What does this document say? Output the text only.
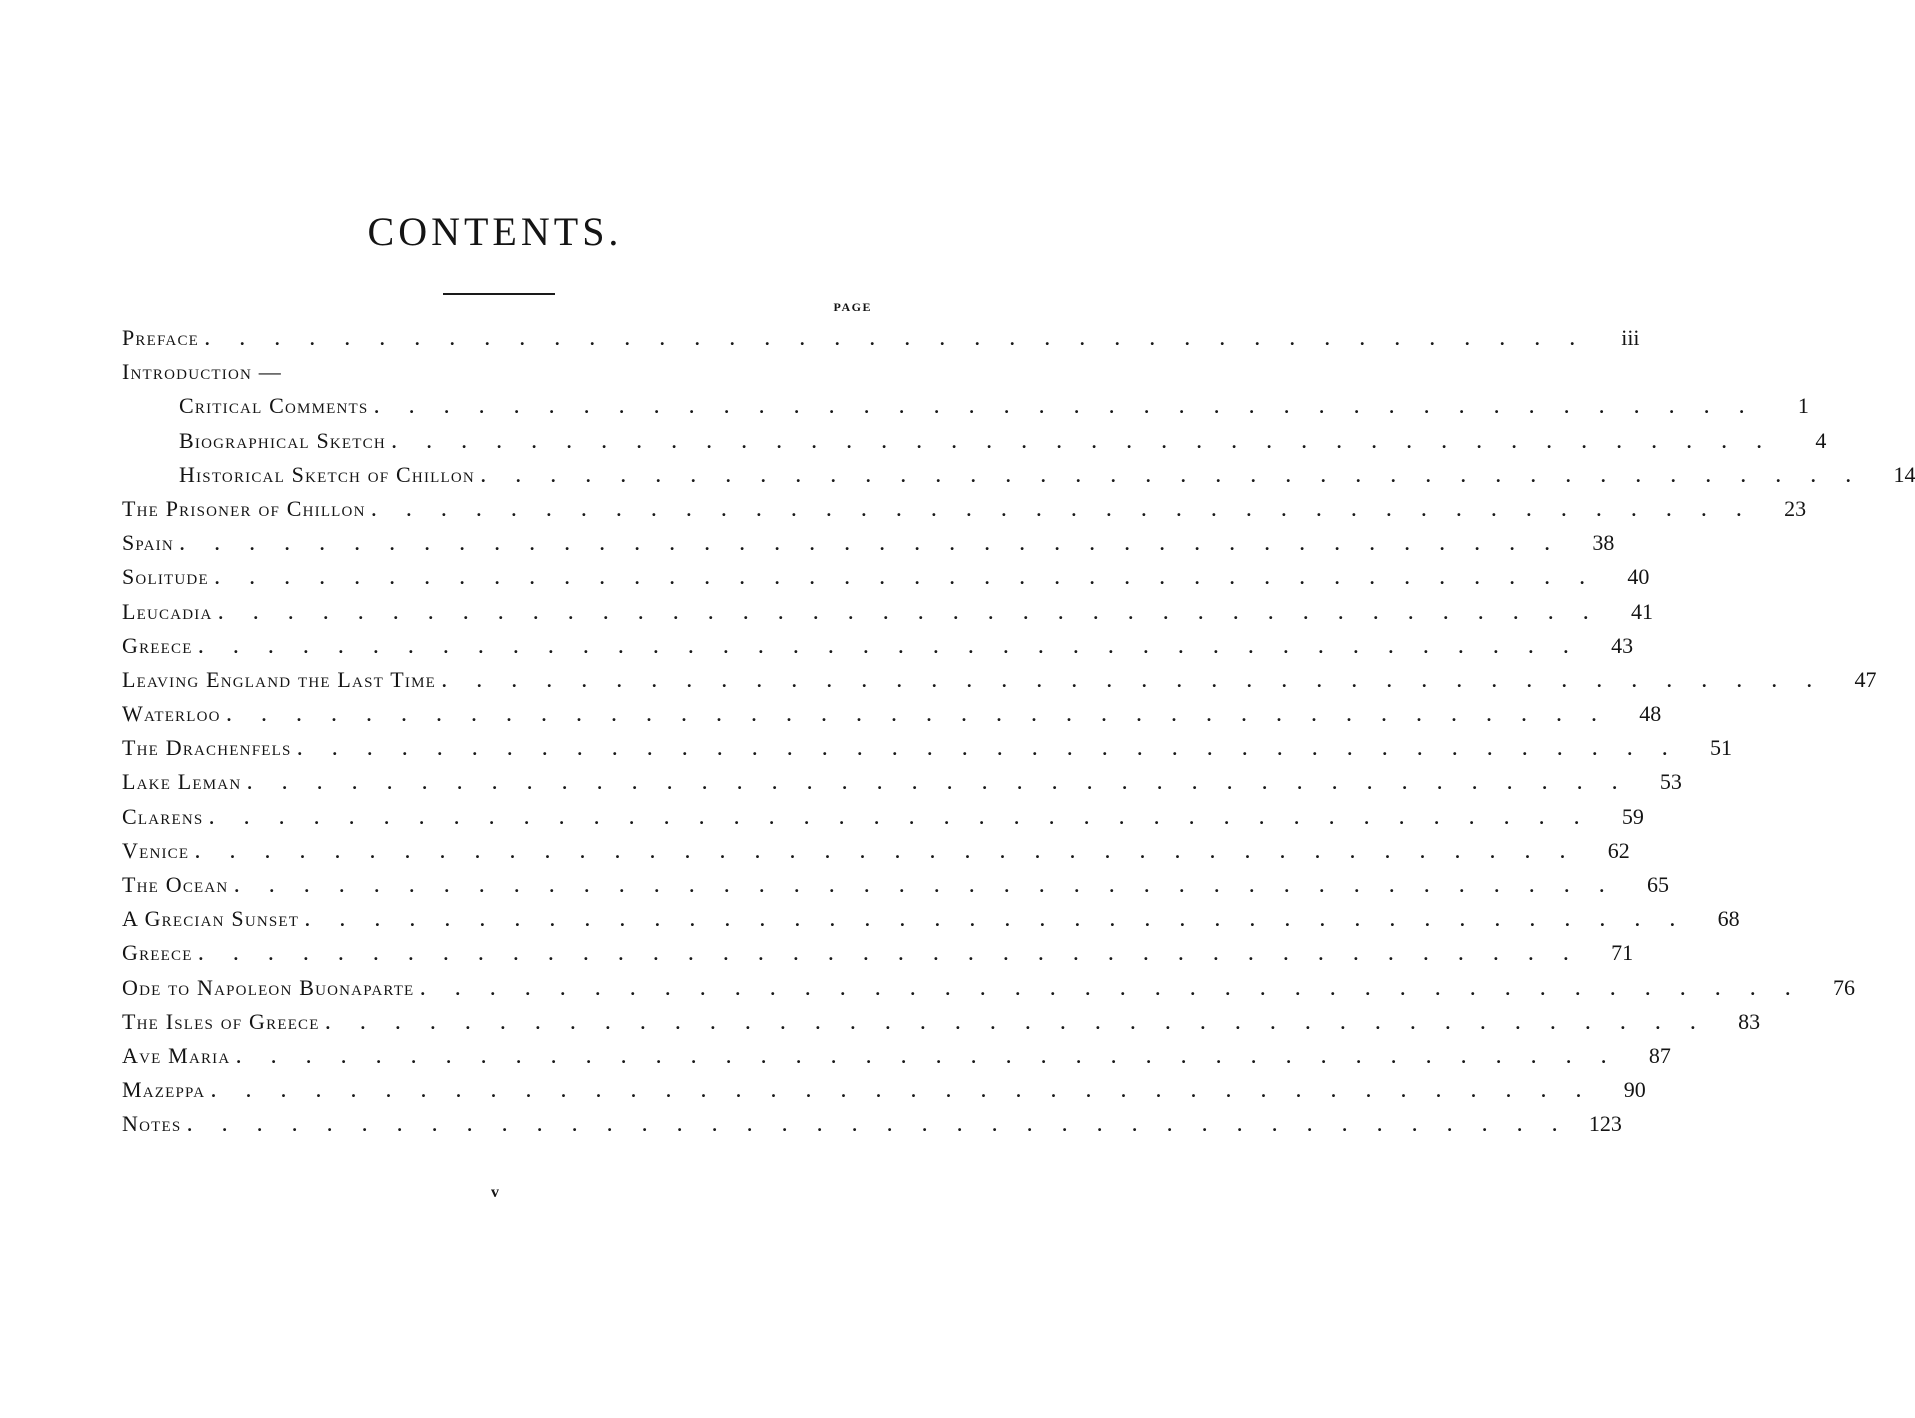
CONTENTS.
PAGE
Preface . . . . . . . . . . . . . . . . . . . . . . . . . . . . . . . . . . . . . . . .	iii
Introduction —
Critical Comments . . . . . . . . . . . . . . . . . . . . . . . . . . . . . . . . . . . . . . . .	1
Biographical Sketch . . . . . . . . . . . . . . . . . . . . . . . . . . . . . . . . . . . . . . . .	4
Historical Sketch of Chillon . . . . . . . . . . . . . . . . . . . . . . . . . . . . . . . . . . . . . . . .	14
The Prisoner of Chillon . . . . . . . . . . . . . . . . . . . . . . . . . . . . . . . . . . . . . . . .	23
Spain . . . . . . . . . . . . . . . . . . . . . . . . . . . . . . . . . . . . . . . .	38
Solitude . . . . . . . . . . . . . . . . . . . . . . . . . . . . . . . . . . . . . . . .	40
Leucadia . . . . . . . . . . . . . . . . . . . . . . . . . . . . . . . . . . . . . . . .	41
Greece . . . . . . . . . . . . . . . . . . . . . . . . . . . . . . . . . . . . . . . .	43
Leaving England the Last Time . . . . . . . . . . . . . . . . . . . . . . . . . . . . . . . . . . . . . . . .	47
Waterloo . . . . . . . . . . . . . . . . . . . . . . . . . . . . . . . . . . . . . . . .	48
The Drachenfels . . . . . . . . . . . . . . . . . . . . . . . . . . . . . . . . . . . . . . . .	51
Lake Leman . . . . . . . . . . . . . . . . . . . . . . . . . . . . . . . . . . . . . . . .	53
Clarens . . . . . . . . . . . . . . . . . . . . . . . . . . . . . . . . . . . . . . . .	59
Venice . . . . . . . . . . . . . . . . . . . . . . . . . . . . . . . . . . . . . . . .	62
The Ocean . . . . . . . . . . . . . . . . . . . . . . . . . . . . . . . . . . . . . . . .	65
A Grecian Sunset . . . . . . . . . . . . . . . . . . . . . . . . . . . . . . . . . . . . . . . .	68
Greece . . . . . . . . . . . . . . . . . . . . . . . . . . . . . . . . . . . . . . . .	71
Ode to Napoleon Buonaparte . . . . . . . . . . . . . . . . . . . . . . . . . . . . . . . . . . . . . . . .	76
The Isles of Greece . . . . . . . . . . . . . . . . . . . . . . . . . . . . . . . . . . . . . . . .	83
Ave Maria . . . . . . . . . . . . . . . . . . . . . . . . . . . . . . . . . . . . . . . .	87
Mazeppa . . . . . . . . . . . . . . . . . . . . . . . . . . . . . . . . . . . . . . . .	90
Notes . . . . . . . . . . . . . . . . . . . . . . . . . . . . . . . . . . . . . . . . 123
v
